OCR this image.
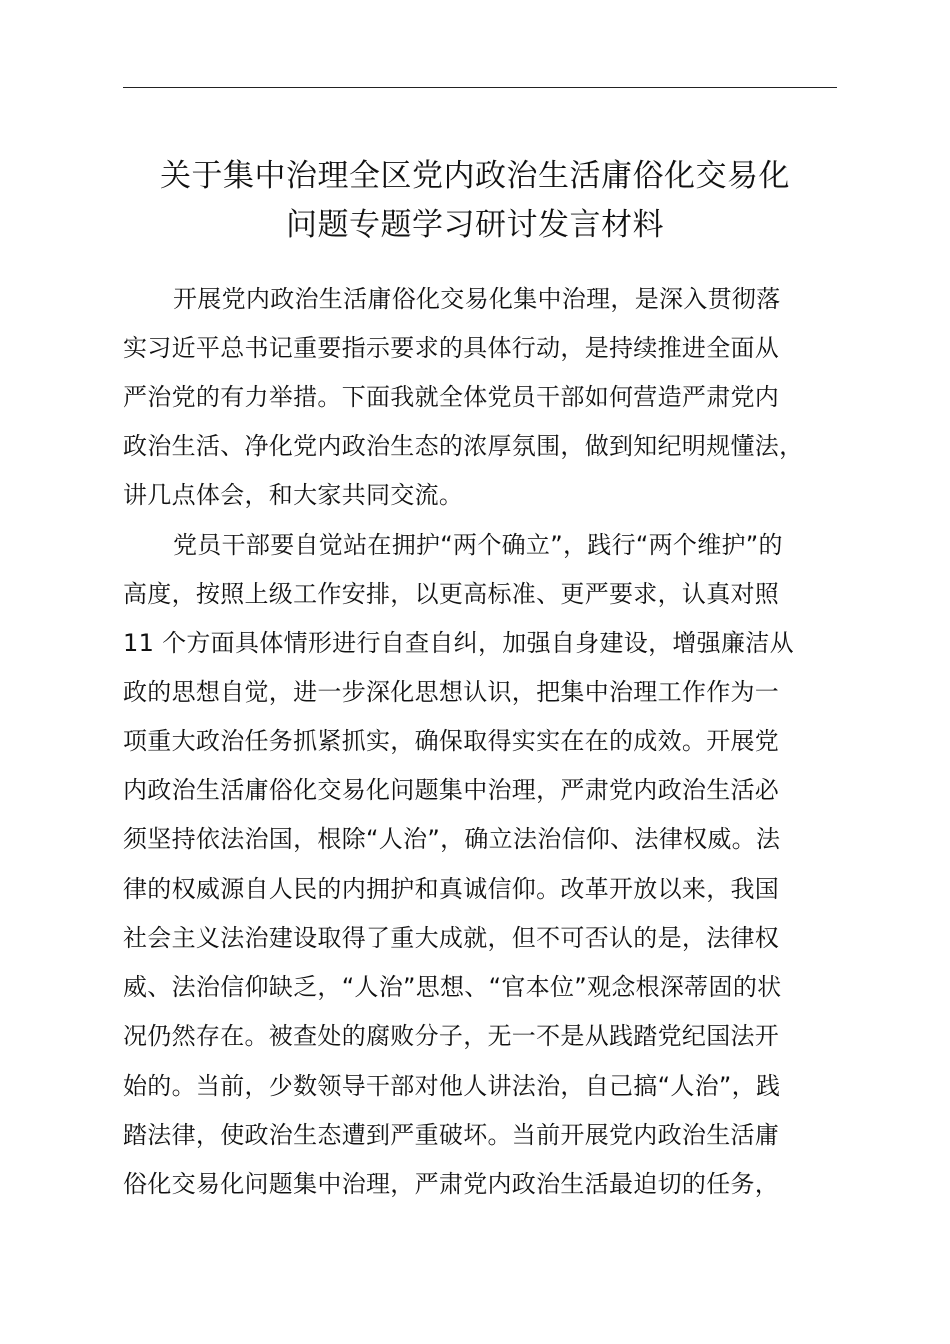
关于集中治理全区党内政治生活庸俗化交易化
问题专题学习研讨发言材料
开展党内政治生活庸俗化交易化集中治理，是深入贯彻落
实习近平总书记重要指示要求的具体行动，是持续推进全面从
严治党的有力举措。下面我就全体党员干部如何营造严肃党内
政治生活、净化党内政治生态的浓厚氛围，做到知纪明规懂法，
讲几点体会，和大家共同交流。
党员干部要自觉站在拥护“两个确立”，践行“两个维护”的
高度，按照上级工作安排，以更高标准、更严要求，认真对照
11 个方面具体情形进行自查自纠，加强自身建设，增强廉洁从
政的思想自觉，进一步深化思想认识，把集中治理工作作为一
项重大政治任务抓紧抓实，确保取得实实在在的成效。开展党
内政治生活庸俗化交易化问题集中治理，严肃党内政治生活必
须坚持依法治国，根除“人治”，确立法治信仰、法律权威。法
律的权威源自人民的内拥护和真诚信仰。改革开放以来，我国
社会主义法治建设取得了重大成就，但不可否认的是，法律权
威、法治信仰缺乏，“人治”思想、“官本位”观念根深蒂固的状
况仍然存在。被查处的腐败分子，无一不是从践踏党纪国法开
始的。当前，少数领导干部对他人讲法治，自己搞“人治”，践
踏法律，使政治生态遭到严重破坏。当前开展党内政治生活庸
俗化交易化问题集中治理，严肃党内政治生活最迫切的任务，
